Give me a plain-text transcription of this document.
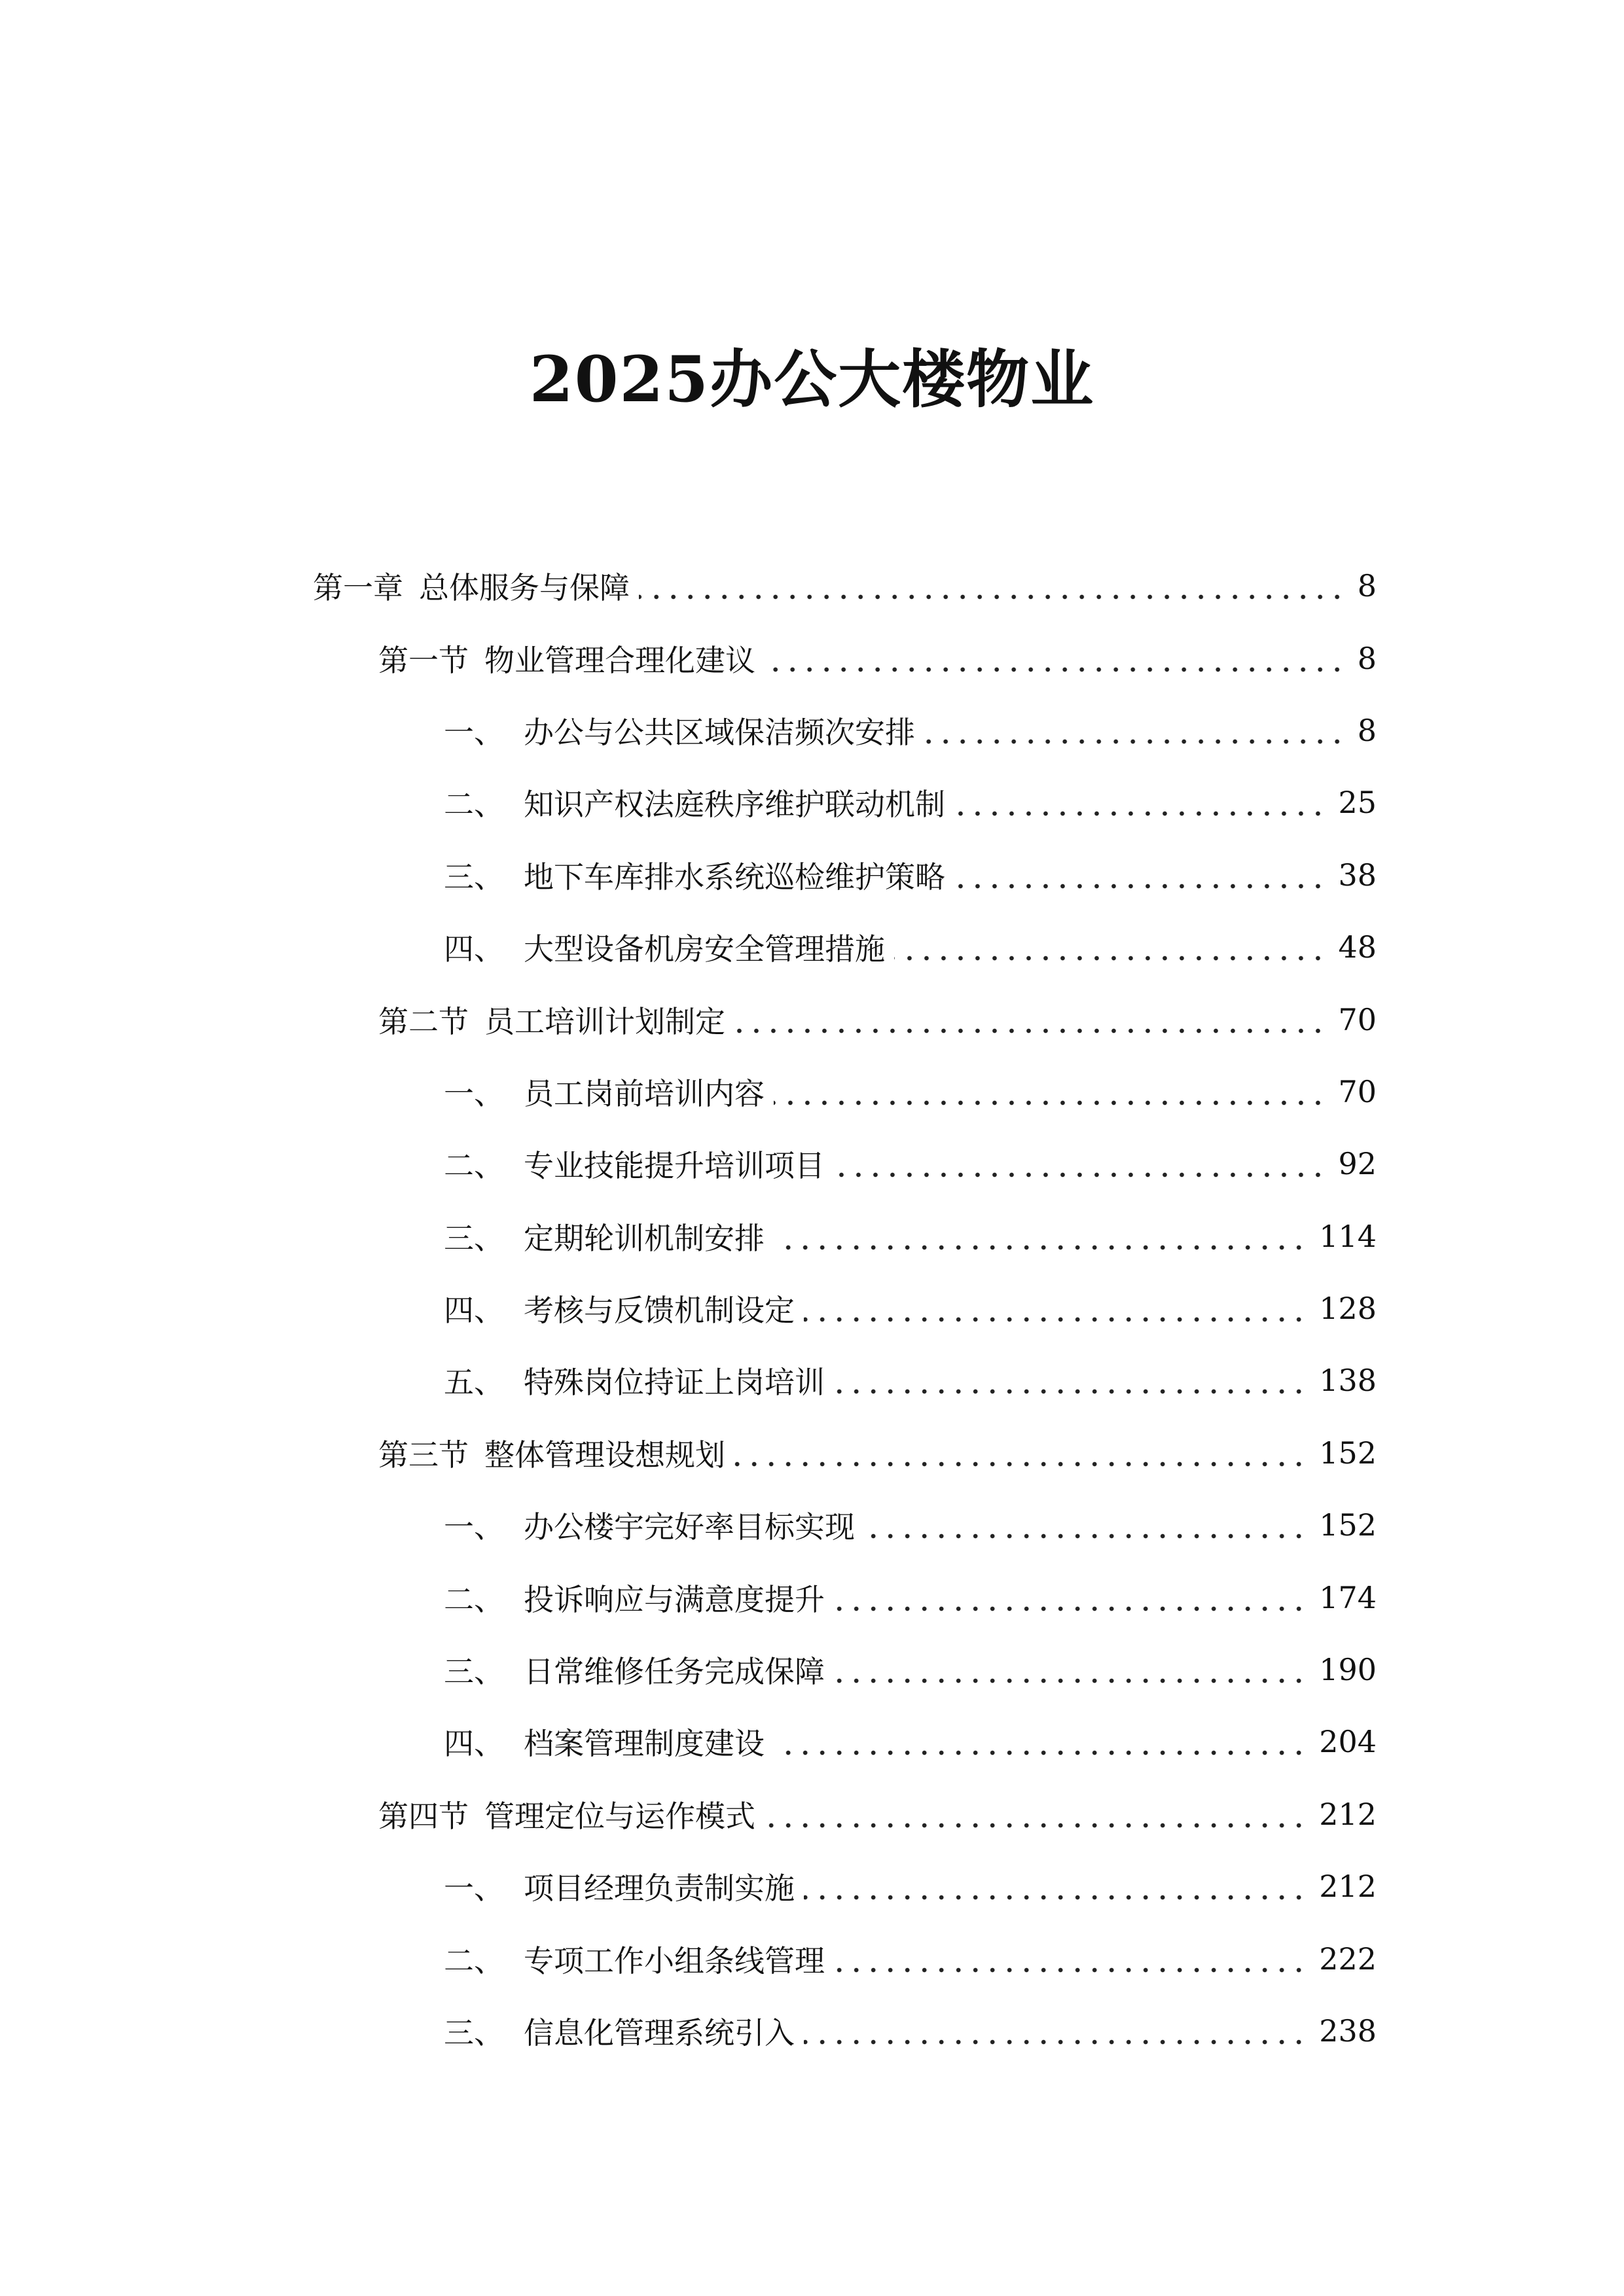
2025办公大楼物业
第一章 总体服务与保障	8
第一节 物业管理合理化建议	8
一、 办公与公共区域保洁频次安排	8
二、 知识产权法庭秩序维护联动机制	25
三、 地下车库排水系统巡检维护策略	38
四、 大型设备机房安全管理措施	48
第二节 员工培训计划制定	70
一、 员工岗前培训内容	70
二、 专业技能提升培训项目	92
三、 定期轮训机制安排	114
四、 考核与反馈机制设定	128
五、 特殊岗位持证上岗培训	138
第三节 整体管理设想规划	152
一、 办公楼宇完好率目标实现	152
二、 投诉响应与满意度提升	174
三、 日常维修任务完成保障	190
四、 档案管理制度建设	204
第四节 管理定位与运作模式	212
一、 项目经理负责制实施	212
二、 专项工作小组条线管理	222
三、 信息化管理系统引入	238
